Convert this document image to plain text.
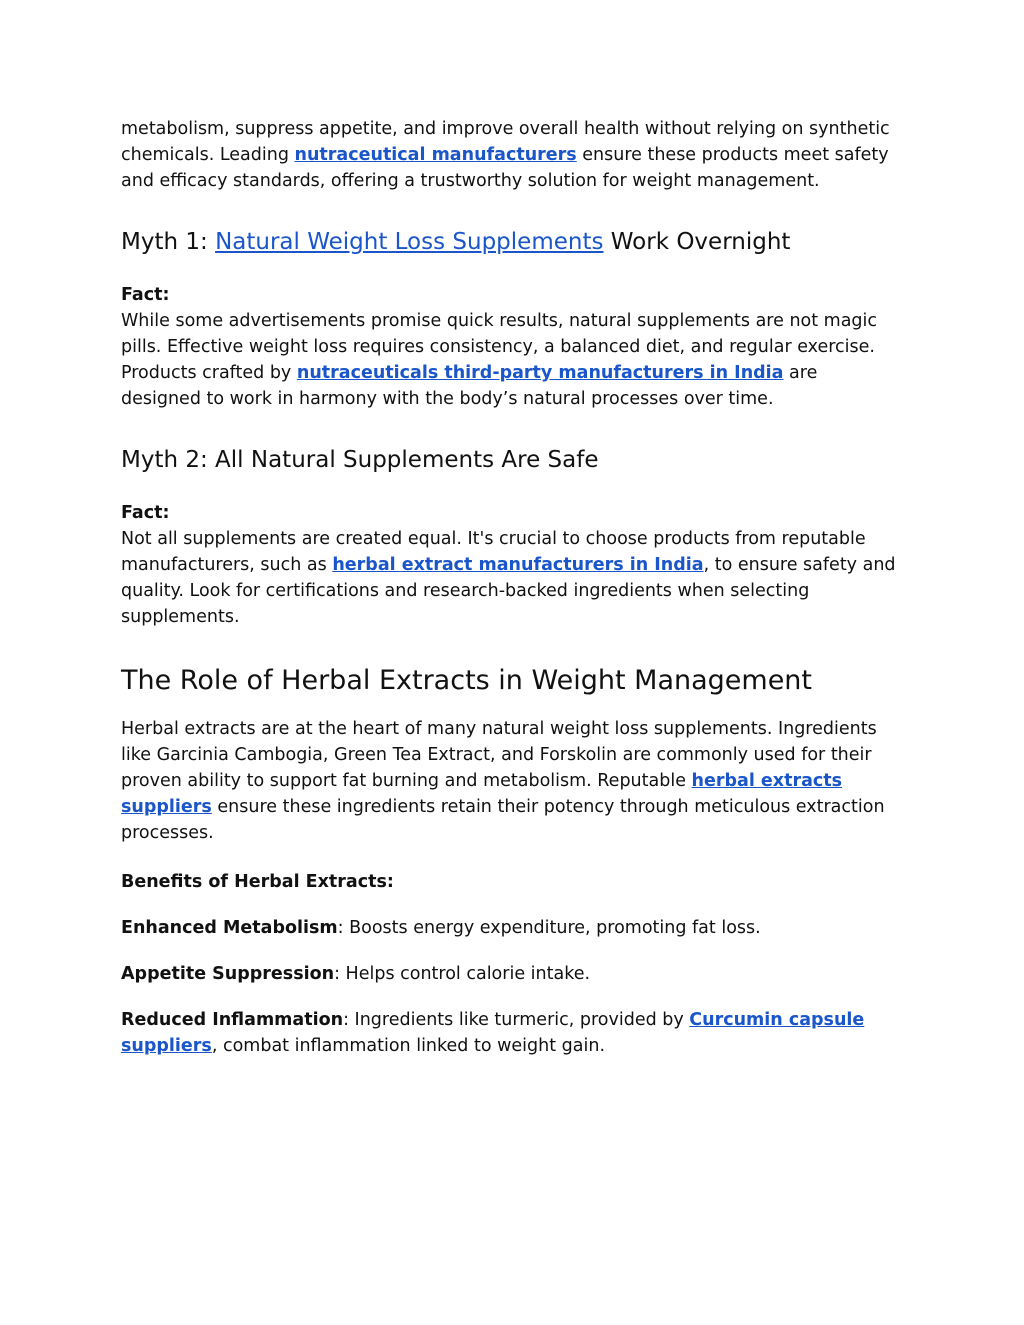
metabolism, suppress appetite, and improve overall health without relying on synthetic chemicals. Leading nutraceutical manufacturers ensure these products meet safety and efficacy standards, offering a trustworthy solution for weight management.

Myth 1: Natural Weight Loss Supplements Work Overnight

Fact:

While some advertisements promise quick results, natural supplements are not magic pills. Effective weight loss requires consistency, a balanced diet, and regular exercise. Products crafted by nutraceuticals third-party manufacturers in India are designed to work in harmony with the body’s natural processes over time.

Myth 2: All Natural Supplements Are Safe

Fact:

Not all supplements are created equal. It's crucial to choose products from reputable manufacturers, such as herbal extract manufacturers in India, to ensure safety and quality. Look for certifications and research-backed ingredients when selecting supplements.

The Role of Herbal Extracts in Weight Management

Herbal extracts are at the heart of many natural weight loss supplements. Ingredients like Garcinia Cambogia, Green Tea Extract, and Forskolin are commonly used for their proven ability to support fat burning and metabolism. Reputable herbal extracts suppliers ensure these ingredients retain their potency through meticulous extraction processes.

Benefits of Herbal Extracts:

Enhanced Metabolism: Boosts energy expenditure, promoting fat loss.

Appetite Suppression: Helps control calorie intake.

Reduced Inflammation: Ingredients like turmeric, provided by Curcumin capsule suppliers, combat inflammation linked to weight gain.
